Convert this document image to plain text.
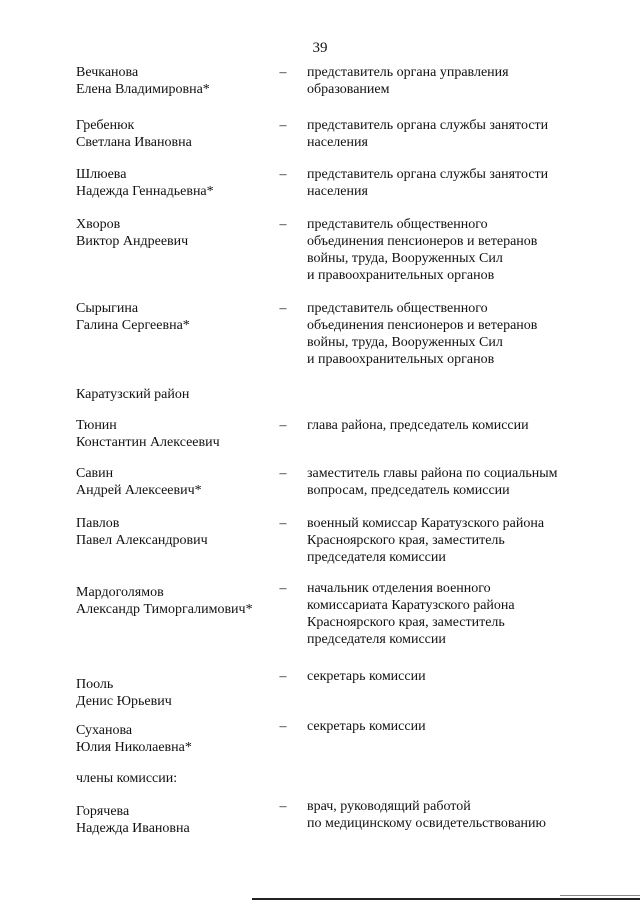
39
Вечканова
Елена Владимировна*
– представитель органа управления
образованием
Гребенюк
Светлана Ивановна
– представитель органа службы занятости
населения
Шлюева
Надежда Геннадьевна*
– представитель органа службы занятости
населения
Хворов
Виктор Андреевич
– представитель общественного
объединения пенсионеров и ветеранов
войны, труда, Вооруженных Сил
и правоохранительных органов
Сырыгина
Галина Сергеевна*
– представитель общественного
объединения пенсионеров и ветеранов
войны, труда, Вооруженных Сил
и правоохранительных органов
Каратузский район
Тюнин
Константин Алексеевич
– глава района, председатель комиссии
Савин
Андрей Алексеевич*
– заместитель главы района по социальным
вопросам, председатель комиссии
Павлов
Павел Александрович
– военный комиссар Каратузского района
Красноярского края, заместитель
председателя комиссии
Мардоголямов
Александр Тиморгалимович*
– начальник отделения военного
комиссариата Каратузского района
Красноярского края, заместитель
председателя комиссии
Пооль
Денис Юрьевич
– секретарь комиссии
Суханова
Юлия Николаевна*
– секретарь комиссии
члены комиссии:
Горячева
Надежда Ивановна
– врач, руководящий работой
по медицинскому освидетельствованию
